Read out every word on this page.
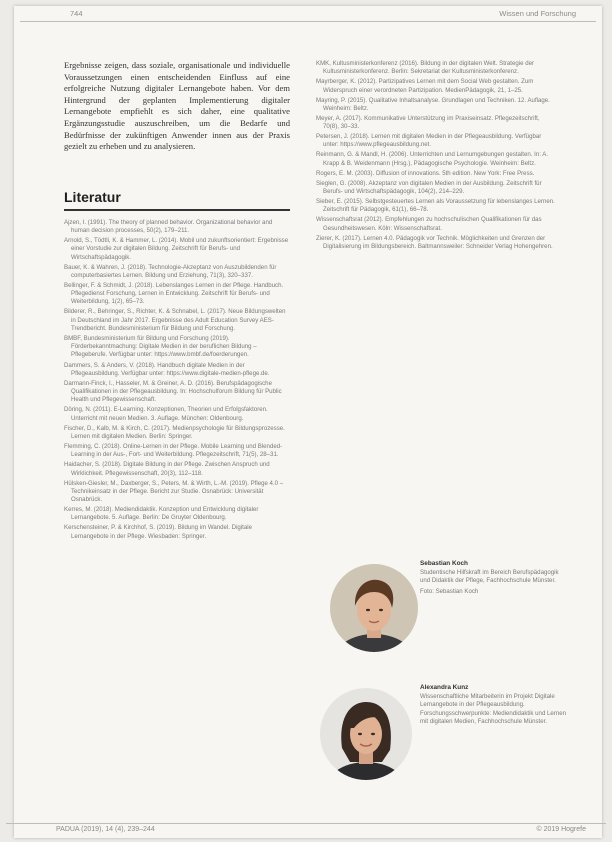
744	Wissen und Forschung

Ergebnisse zeigen, dass soziale, organisationale und individuelle Voraussetzungen einen entscheidenden Einfluss auf eine erfolgreiche Nutzung digitaler Lernangebote haben. Vor dem Hintergrund der geplanten Implementierung digitaler Lernangebote empfiehlt es sich daher, eine qualitative Ergänzungsstudie auszuschreiben, um die Bedarfe und Bedürfnisse der zukünftigen Anwender innen aus der Praxis gezielt zu erheben und zu analysieren.

Literatur
Ajzen, I. (1991). The theory of planned behavior. Organizational behavior and human decision processes, 50(2), 179–211.
Arnold, S., Tödtli, K. & Hammer, L. (2014). Mobil und zukunftsorientiert: Ergebnisse einer Vorstudie zur digitalen Bildung. Zeitschrift für Berufs- und Wirtschaftspädagogik.
Bauer, K. & Wahren, J. (2018). Technologie-Akzeptanz von Auszubildenden für computerbasiertes Lernen. Bildung und Erziehung, 71(3), 320–337.
Bellinger, F. & Schmidt, J. (2018). Lebenslanges Lernen in der Pflege. Handbuch. Pflegedienst Forschung, Lernen in Entwicklung. Zeitschrift für Berufs- und Weiterbildung, 1(2), 65–73.
Bilderer, R., Behringer, S., Richter, K. & Schnabel, L. (2017). Neue Bildungswelten in Deutschland im Jahr 2017. Ergebnisse des Adult Education Survey AES-Trendbericht. Bundesministerium für Bildung und Forschung.
BMBF, Bundesministerium für Bildung und Forschung (2019). Förderbekanntmachung: Digitale Medien in der beruflichen Bildung – Pflegeberufe. Verfügbar unter: https://www.bmbf.de/foerderungen.
Dammers, S. & Anders, V. (2018). Handbuch digitale Medien in der Pflegeausbildung. Verfügbar unter: https://www.digitale-medien-pflege.de.
Darmann-Finck, I., Hasseler, M. & Greiner, A. D. (2016). Berufspädagogische Qualifikationen in der Pflegeausbildung. In: Hochschulforum Bildung für Public Health und Pflegewissenschaft.
Döring, N. (2011). E-Learning. Konzeptionen, Theorien und Erfolgsfaktoren. Unterricht mit neuen Medien. 3. Auflage. München: Oldenbourg.
Fischer, D., Kalb, M. & Kirch, C. (2017). Medienpsychologie für Bildungsprozesse. Lernen mit digitalen Medien. Berlin: Springer.
Flemming, C. (2018). Online-Lernen in der Pflege. Mobile Learning und Blended-Learning in der Aus-, Fort- und Weiterbildung. Pflegezeitschrift, 71(5), 28–31.
Haidacher, S. (2018). Digitale Bildung in der Pflege. Zwischen Anspruch und Wirklichkeit. Pflegewissenschaft, 20(3), 112–118.
Hülsken-Giesler, M., Daxberger, S., Peters, M. & Wirth, L.-M. (2019). Pflege 4.0 – Technikeinsatz in der Pflege. Bericht zur Studie. Osnabrück: Universität Osnabrück.
Kerres, M. (2018). Mediendidaktik. Konzeption und Entwicklung digitaler Lernangebote. 5. Auflage. Berlin: De Gruyter Oldenbourg.
Kerschensteiner, P. & Kirchhof, S. (2019). Bildung im Wandel. Digitale Lernangebote in der Pflege. Wiesbaden: Springer.
KMK, Kultusministerkonferenz (2016). Bildung in der digitalen Welt. Strategie der Kultusministerkonferenz. Berlin: Sekretariat der Kultusministerkonferenz.
Mayrberger, K. (2012). Partizipatives Lernen mit dem Social Web gestalten. Zum Widerspruch einer verordneten Partizipation. MedienPädagogik, 21, 1–25.
Mayring, P. (2015). Qualitative Inhaltsanalyse. Grundlagen und Techniken. 12. Auflage. Weinheim: Beltz.
Meyer, A. (2017). Kommunikative Unterstützung im Praxiseinsatz. Pflegezeitschrift, 70(8), 30–33.
Petersen, J. (2018). Lernen mit digitalen Medien in der Pflegeausbildung. Verfügbar unter: https://www.pflegeausbildung.net.
Reinmann, G. & Mandl, H. (2006). Unterrichten und Lernumgebungen gestalten. In: A. Krapp & B. Weidenmann (Hrsg.), Pädagogische Psychologie. Weinheim: Beltz.
Rogers, E. M. (2003). Diffusion of innovations. 5th edition. New York: Free Press.
Sieglen, G. (2008). Akzeptanz von digitalen Medien in der Ausbildung. Zeitschrift für Berufs- und Wirtschaftspädagogik, 104(2), 214–229.
Sieber, E. (2015). Selbstgesteuertes Lernen als Voraussetzung für lebenslanges Lernen. Zeitschrift für Pädagogik, 61(1), 66–78.
Wissenschaftsrat (2012). Empfehlungen zu hochschulischen Qualifikationen für das Gesundheitswesen. Köln: Wissenschaftsrat.
Zierer, K. (2017). Lernen 4.0. Pädagogik vor Technik. Möglichkeiten und Grenzen der Digitalisierung im Bildungsbereich. Baltmannsweiler: Schneider Verlag Hohengehren.
Sebastian Koch
Studentische Hilfskraft im Bereich Berufspädagogik und Didaktik der Pflege, Fachhochschule Münster.
Foto: Sebastian Koch
Alexandra Kunz
Wissenschaftliche Mitarbeiterin im Projekt Digitale Lernangebote in der Pflegeausbildung. Forschungsschwerpunkte: Mediendidaktik und Lernen mit digitalen Medien, Fachhochschule Münster.
PADUA (2019), 14 (4), 239–244	© 2019 Hogrefe
